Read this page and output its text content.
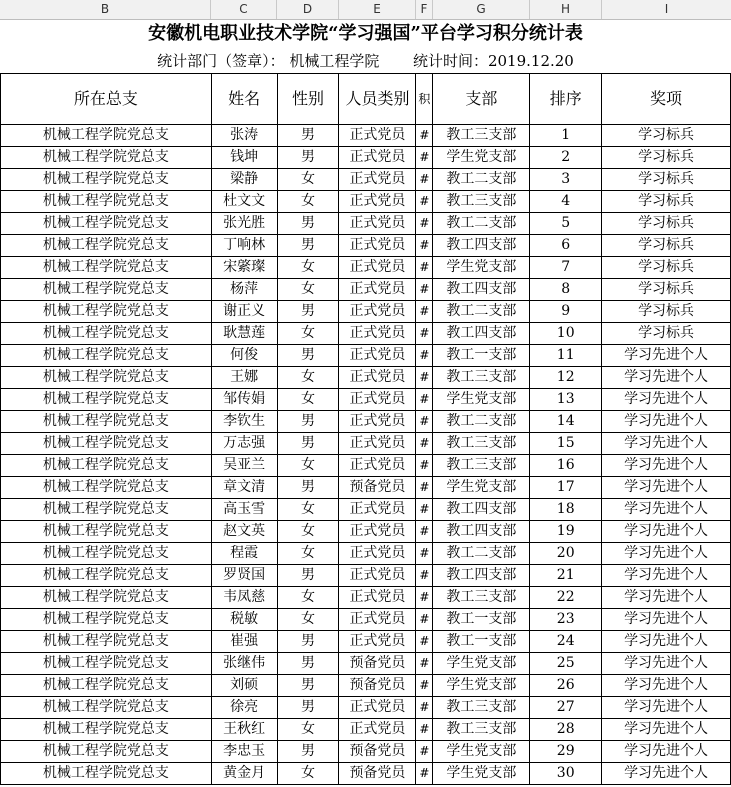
B	C	D	E	F	G	H	I
安徽机电职业技术学院“学习强国”平台学习积分统计表
统计部门（签章）： 机械工程学院 统计时间：2019.12.20
所在总支	姓名	性别	人员类别	积	支部	排序	奖项
机械工程学院党总支	张涛	男	正式党员	#	教工三支部	1	学习标兵
机械工程学院党总支	钱坤	男	正式党员	#	学生党支部	2	学习标兵
机械工程学院党总支	梁静	女	正式党员	#	教工二支部	3	学习标兵
机械工程学院党总支	杜文文	女	正式党员	#	教工三支部	4	学习标兵
机械工程学院党总支	张光胜	男	正式党员	#	教工二支部	5	学习标兵
机械工程学院党总支	丁响林	男	正式党员	#	教工四支部	6	学习标兵
机械工程学院党总支	宋綮璨	女	正式党员	#	学生党支部	7	学习标兵
机械工程学院党总支	杨萍	女	正式党员	#	教工四支部	8	学习标兵
机械工程学院党总支	谢正义	男	正式党员	#	教工二支部	9	学习标兵
机械工程学院党总支	耿慧莲	女	正式党员	#	教工四支部	10	学习标兵
机械工程学院党总支	何俊	男	正式党员	#	教工一支部	11	学习先进个人
机械工程学院党总支	王娜	女	正式党员	#	教工三支部	12	学习先进个人
机械工程学院党总支	邹传娟	女	正式党员	#	学生党支部	13	学习先进个人
机械工程学院党总支	李钦生	男	正式党员	#	教工二支部	14	学习先进个人
机械工程学院党总支	万志强	男	正式党员	#	教工三支部	15	学习先进个人
机械工程学院党总支	吴亚兰	女	正式党员	#	教工三支部	16	学习先进个人
机械工程学院党总支	章文清	男	预备党员	#	学生党支部	17	学习先进个人
机械工程学院党总支	高玉雪	女	正式党员	#	教工四支部	18	学习先进个人
机械工程学院党总支	赵文英	女	正式党员	#	教工四支部	19	学习先进个人
机械工程学院党总支	程霞	女	正式党员	#	教工二支部	20	学习先进个人
机械工程学院党总支	罗贤国	男	正式党员	#	教工四支部	21	学习先进个人
机械工程学院党总支	韦凤慈	女	正式党员	#	教工三支部	22	学习先进个人
机械工程学院党总支	税敏	女	正式党员	#	教工一支部	23	学习先进个人
机械工程学院党总支	崔强	男	正式党员	#	教工一支部	24	学习先进个人
机械工程学院党总支	张继伟	男	预备党员	#	学生党支部	25	学习先进个人
机械工程学院党总支	刘硕	男	预备党员	#	学生党支部	26	学习先进个人
机械工程学院党总支	徐亮	男	正式党员	#	教工三支部	27	学习先进个人
机械工程学院党总支	王秋红	女	正式党员	#	教工三支部	28	学习先进个人
机械工程学院党总支	李忠玉	男	预备党员	#	学生党支部	29	学习先进个人
机械工程学院党总支	黄金月	女	预备党员	#	学生党支部	30	学习先进个人
